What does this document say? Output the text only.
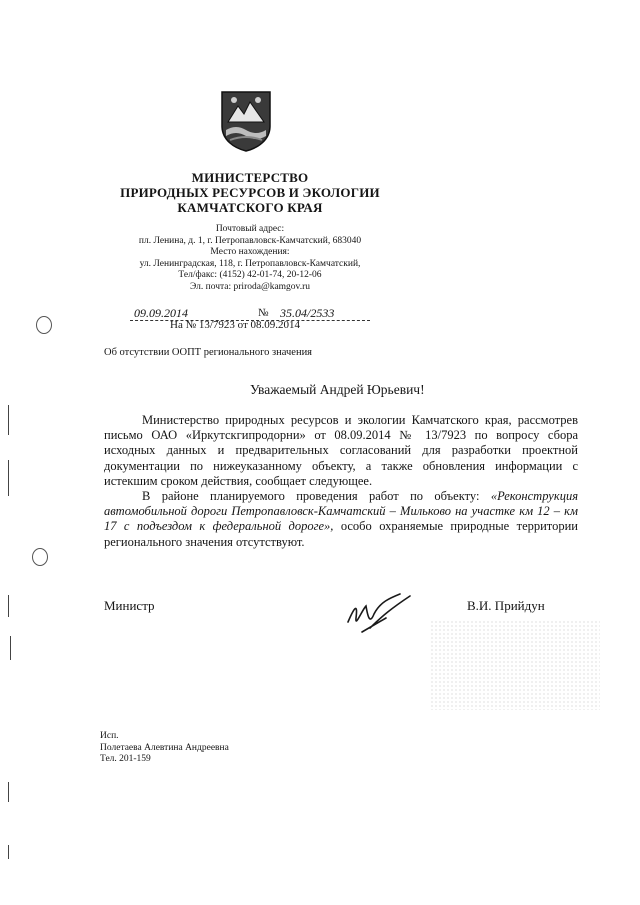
МИНИСТЕРСТВО
ПРИРОДНЫХ РЕСУРСОВ И ЭКОЛОГИИ
КАМЧАТСКОГО КРАЯ
Почтовый адрес:
пл. Ленина, д. 1, г. Петропавловск-Камчатский, 683040
Место нахождения:
ул. Ленинградская, 118, г. Петропавловск-Камчатский,
Тел/факс: (4152) 42-01-74, 20-12-06
Эл. почта: priroda@kamgov.ru
09.09.2014	№ 35.04/2533
На № 13/7923 от 08.09.2014
Об отсутствии ООПТ регионального значения
Уважаемый Андрей Юрьевич!

Министерство природных ресурсов и экологии Камчатского края, рассмотрев письмо ОАО «Иркутскгипродорни» от 08.09.2014 № 13/7923 по вопросу сбора исходных данных и предварительных согласований для разработки проектной документации по нижеуказанному объекту, а также обновления информации с истекшим сроком действия, сообщает следующее.

В районе планируемого проведения работ по объекту: «Реконструкция автомобильной дороги Петропавловск-Камчатский – Мильково на участке км 12 – км 17 с подъездом к федеральной дороге», особо охраняемые природные территории регионального значения отсутствуют.

Министр	В.И. Прийдун
Исп.
Полетаева Алевтина Андреевна
Тел. 201-159
